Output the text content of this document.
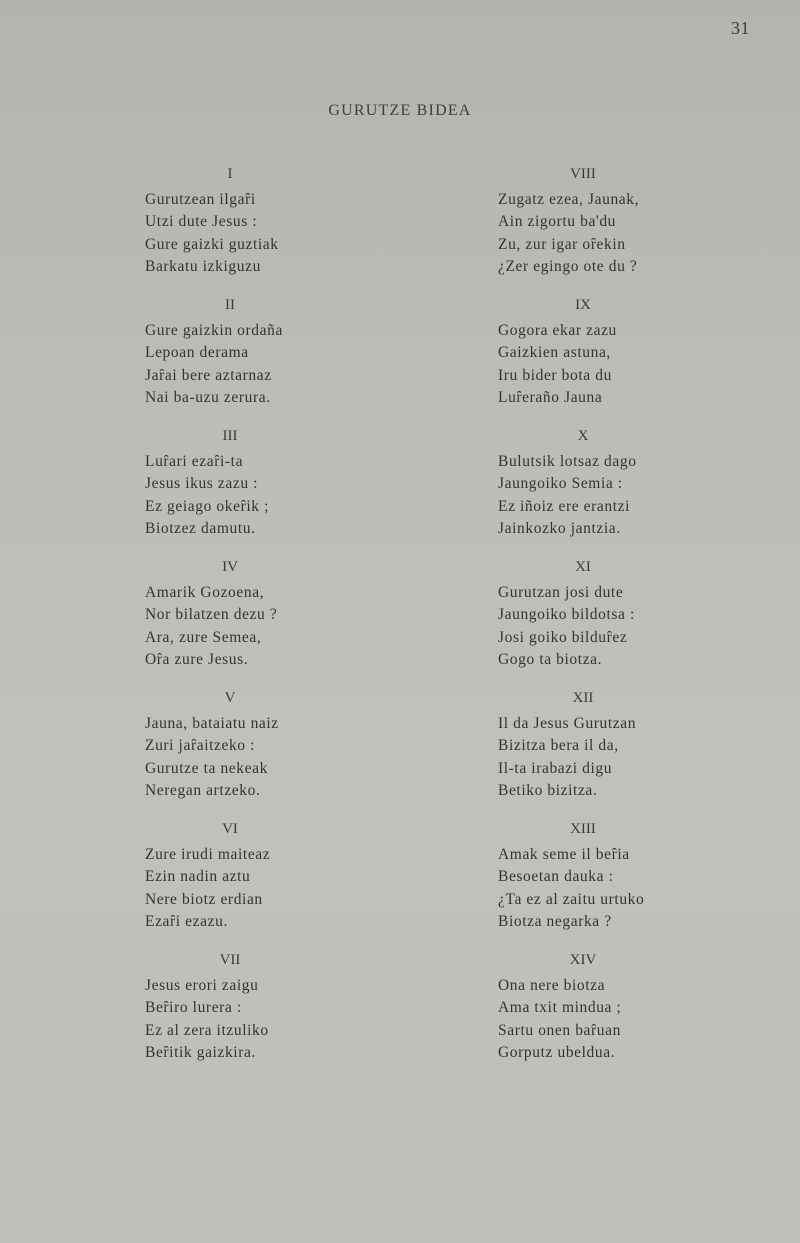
31
GURUTZE BIDEA
I
Gurutzean ilgaȓi
Utzi dute Jesus :
Gure gaizki guztiak
Barkatu izkiguzu
II
Gure gaizkin ordaña
Lepoan derama
Jaȓai bere aztarnaz
Nai ba-uzu zerura.
III
Luȓari ezaȓi-ta
Jesus ikus zazu :
Ez geiago okeȓik ;
Biotzez damutu.
IV
Amarik Gozoena,
Nor bilatzen dezu ?
Ara, zure Semea,
Oȓa zure Jesus.
V
Jauna, bataiatu naiz
Zuri jaȓaitzeko :
Gurutze ta nekeak
Neregan artzeko.
VI
Zure irudi maiteaz
Ezin nadin aztu
Nere biotz erdian
Ezaȓi ezazu.
VII
Jesus erori zaigu
Beȓiro lurera :
Ez al zera itzuliko
Beȓitik gaizkira.
VIII
Zugatz ezea, Jaunak,
Ain zigortu ba'du
Zu, zur igar oȓekin
¿Zer egingo ote du ?
IX
Gogora ekar zazu
Gaizkien astuna,
Iru bider bota du
Luȓeraño Jauna
X
Bulutsik lotsaz dago
Jaungoiko Semia :
Ez iñoiz ere erantzi
Jainkozko jantzia.
XI
Gurutzan josi dute
Jaungoiko bildotsa :
Josi goiko bilduȓez
Gogo ta biotza.
XII
Il da Jesus Gurutzan
Bizitza bera il da,
Il-ta irabazi digu
Betiko bizitza.
XIII
Amak seme il beȓia
Besoetan dauka :
¿Ta ez al zaitu urtuko
Biotza negarka ?
XIV
Ona nere biotza
Ama txit mindua ;
Sartu onen baȓuan
Gorputz ubeldua.
